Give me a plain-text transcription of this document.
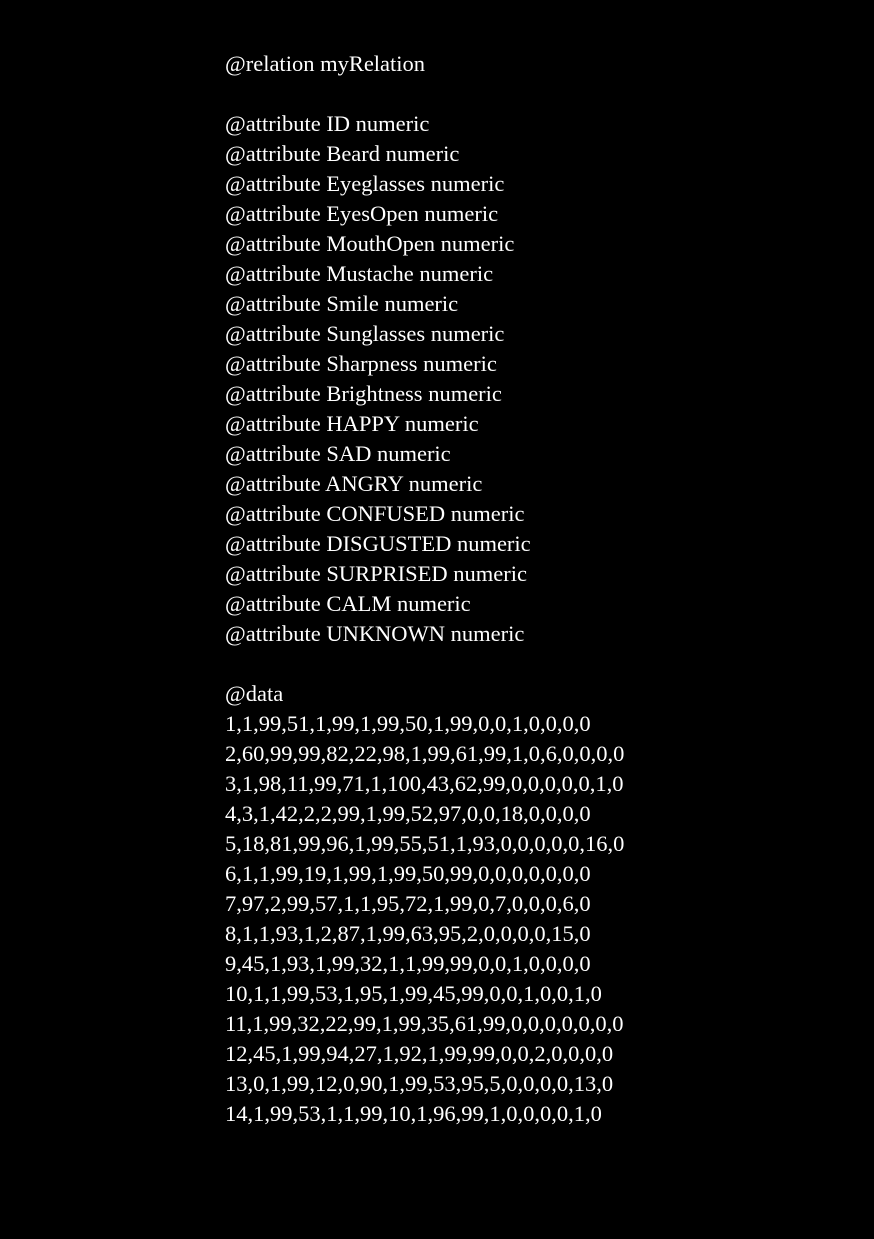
@relation myRelation
@attribute ID numeric
@attribute Beard numeric
@attribute Eyeglasses numeric
@attribute EyesOpen numeric
@attribute MouthOpen numeric
@attribute Mustache numeric
@attribute Smile numeric
@attribute Sunglasses numeric
@attribute Sharpness numeric
@attribute Brightness numeric
@attribute HAPPY numeric
@attribute SAD numeric
@attribute ANGRY numeric
@attribute CONFUSED numeric
@attribute DISGUSTED numeric
@attribute SURPRISED numeric
@attribute CALM numeric
@attribute UNKNOWN numeric
@data
1,1,99,51,1,99,1,99,50,1,99,0,0,1,0,0,0,0
2,60,99,99,82,22,98,1,99,61,99,1,0,6,0,0,0,0
3,1,98,11,99,71,1,100,43,62,99,0,0,0,0,0,1,0
4,3,1,42,2,2,99,1,99,52,97,0,0,18,0,0,0,0
5,18,81,99,96,1,99,55,51,1,93,0,0,0,0,0,16,0
6,1,1,99,19,1,99,1,99,50,99,0,0,0,0,0,0,0
7,97,2,99,57,1,1,95,72,1,99,0,7,0,0,0,6,0
8,1,1,93,1,2,87,1,99,63,95,2,0,0,0,0,15,0
9,45,1,93,1,99,32,1,1,99,99,0,0,1,0,0,0,0
10,1,1,99,53,1,95,1,99,45,99,0,0,1,0,0,1,0
11,1,99,32,22,99,1,99,35,61,99,0,0,0,0,0,0,0
12,45,1,99,94,27,1,92,1,99,99,0,0,2,0,0,0,0
13,0,1,99,12,0,90,1,99,53,95,5,0,0,0,0,13,0
14,1,99,53,1,1,99,10,1,96,99,1,0,0,0,0,1,0
